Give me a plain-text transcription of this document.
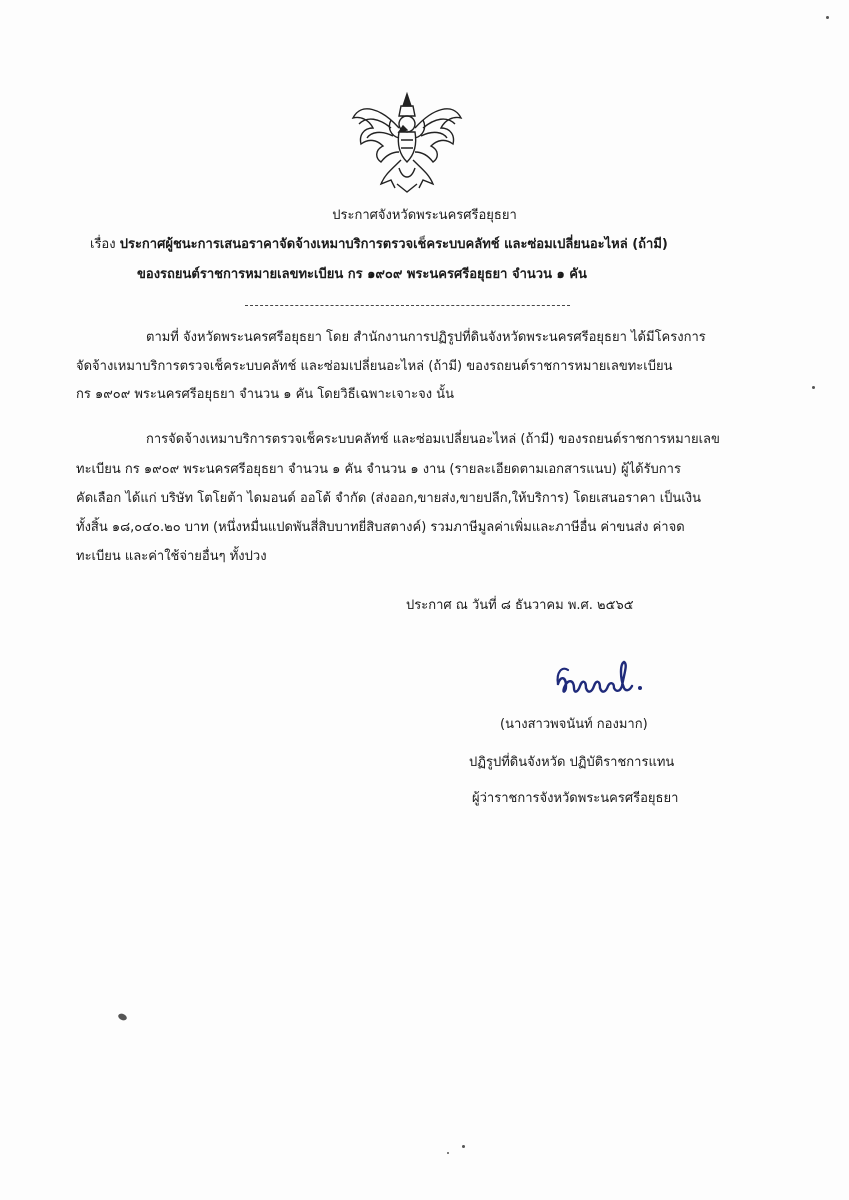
ประกาศจังหวัดพระนครศรีอยุธยา
เรื่อง ประกาศผู้ชนะการเสนอราคาจัดจ้างเหมาบริการตรวจเช็คระบบคลัทช์ และซ่อมเปลี่ยนอะไหล่ (ถ้ามี)
ของรถยนต์ราชการหมายเลขทะเบียน กร ๑๙๐๙ พระนครศรีอยุธยา จำนวน ๑ คัน
ตามที่ จังหวัดพระนครศรีอยุธยา โดย สำนักงานการปฏิรูปที่ดินจังหวัดพระนครศรีอยุธยา ได้มีโครงการ
จัดจ้างเหมาบริการตรวจเช็คระบบคลัทช์ และซ่อมเปลี่ยนอะไหล่ (ถ้ามี) ของรถยนต์ราชการหมายเลขทะเบียน
กร ๑๙๐๙ พระนครศรีอยุธยา จำนวน ๑ คัน โดยวิธีเฉพาะเจาะจง นั้น
การจัดจ้างเหมาบริการตรวจเช็คระบบคลัทช์ และซ่อมเปลี่ยนอะไหล่ (ถ้ามี) ของรถยนต์ราชการหมายเลข
ทะเบียน กร ๑๙๐๙ พระนครศรีอยุธยา จำนวน ๑ คัน จำนวน ๑ งาน (รายละเอียดตามเอกสารแนบ) ผู้ได้รับการ
คัดเลือก ได้แก่ บริษัท โตโยต้า ไดมอนด์ ออโต้ จำกัด (ส่งออก,ขายส่ง,ขายปลีก,ให้บริการ) โดยเสนอราคา เป็นเงิน
ทั้งสิ้น ๑๘,๐๔๐.๒๐ บาท (หนึ่งหมื่นแปดพันสี่สิบบาทยี่สิบสตางค์) รวมภาษีมูลค่าเพิ่มและภาษีอื่น ค่าขนส่ง ค่าจด
ทะเบียน และค่าใช้จ่ายอื่นๆ ทั้งปวง
ประกาศ ณ วันที่ ๘ ธันวาคม พ.ศ. ๒๕๖๕
(นางสาวพจนันท์ กองมาก)
ปฏิรูปที่ดินจังหวัด ปฏิบัติราชการแทน
ผู้ว่าราชการจังหวัดพระนครศรีอยุธยา
